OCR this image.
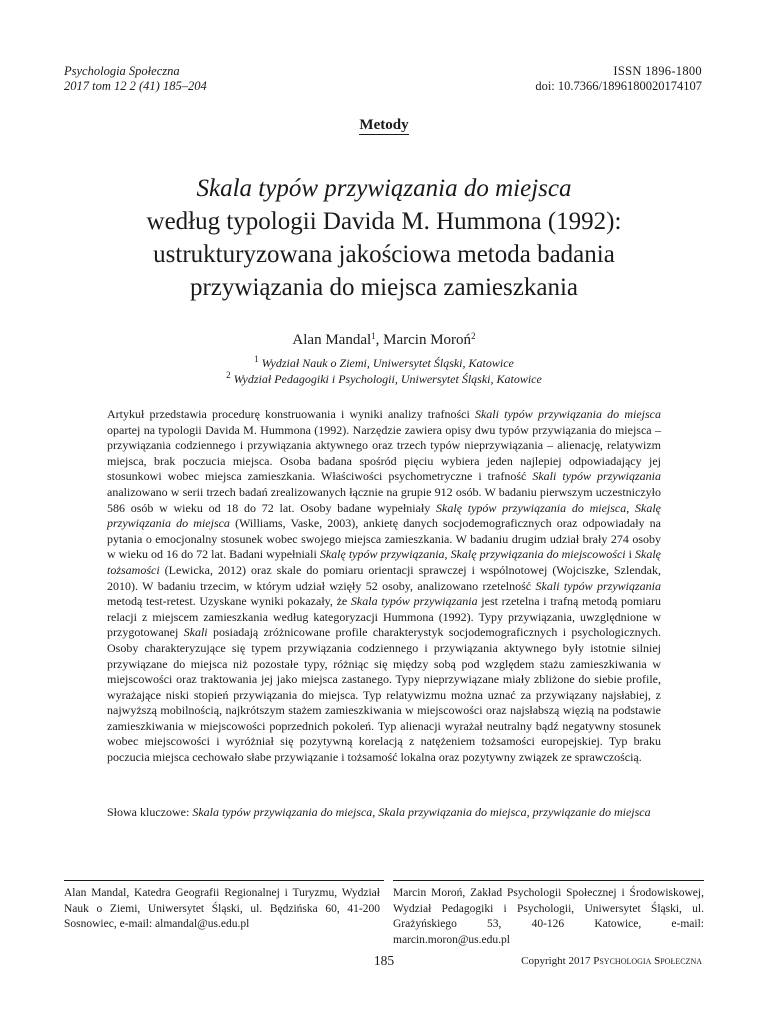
Psychologia Społeczna
2017 tom 12 2 (41) 185–204
ISSN 1896-1800
doi: 10.7366/1896180020174107
Metody
Skala typów przywiązania do miejsca
według typologii Davida M. Hummona (1992):
ustrukturyzowana jakościowa metoda badania
przywiązania do miejsca zamieszkania
Alan Mandal$^1$, Marcin Moroń$^2$
$^1$ Wydział Nauk o Ziemi, Uniwersytet Śląski, Katowice
$^2$ Wydział Pedagogiki i Psychologii, Uniwersytet Śląski, Katowice
Artykuł przedstawia procedurę konstruowania i wyniki analizy trafności Skali typów przywiązania do miejsca opartej na typologii Davida M. Hummona (1992). Narzędzie zawiera opisy dwu typów przywiązania do miejsca – przywiązania codziennego i przywiązania aktywnego oraz trzech typów nieprzywiązania – alienację, relatywizm miejsca, brak poczucia miejsca. Osoba badana spośród pięciu wybiera jeden najlepiej odpowiadający jej stosunkowi wobec miejsca zamieszkania. Właściwości psychometryczne i trafność Skali typów przywiązania analizowano w serii trzech badań zrealizowanych łącznie na grupie 912 osób. W badaniu pierwszym uczestniczyło 586 osób w wieku od 18 do 72 lat. Osoby badane wypełniały Skalę typów przywiązania do miejsca, Skalę przywiązania do miejsca (Williams, Vaske, 2003), ankietę danych socjodemograficznych oraz odpowiadały na pytania o emocjonalny stosunek wobec swojego miejsca zamieszkania. W badaniu drugim udział brały 274 osoby w wieku od 16 do 72 lat. Badani wypełniali Skalę typów przywiązania, Skalę przywiązania do miejscowości i Skalę tożsamości (Lewicka, 2012) oraz skale do pomiaru orientacji sprawczej i wspólnotowej (Wojciszke, Szlendak, 2010). W badaniu trzecim, w którym udział wzięły 52 osoby, analizowano rzetelność Skali typów przywiązania metodą test-retest. Uzyskane wyniki pokazały, że Skala typów przywiązania jest rzetelna i trafną metodą pomiaru relacji z miejscem zamieszkania według kategoryzacji Hummona (1992). Typy przywiązania, uwzględnione w przygotowanej Skali posiadają zróżnicowane profile charakterystyk socjodemograficznych i psychologicznych. Osoby charakteryzujące się typem przywiązania codziennego i przywiązania aktywnego były istotnie silniej przywiązane do miejsca niż pozostałe typy, różniąc się między sobą pod względem stażu zamieszkiwania w miejscowości oraz traktowania jej jako miejsca zastanego. Typy nieprzywiązane miały zbliżone do siebie profile, wyrażające niski stopień przywiązania do miejsca. Typ relatywizmu można uznać za przywiązany najsłabiej, z najwyższą mobilnością, najkrótszym stażem zamieszkiwania w miejscowości oraz najsłabszą więzią na podstawie zamieszkiwania w miejscowości poprzednich pokoleń. Typ alienacji wyrażał neutralny bądź negatywny stosunek wobec miejscowości i wyróżniał się pozytywną korelacją z natężeniem tożsamości europejskiej. Typ braku poczucia miejsca cechowało słabe przywiązanie i tożsamość lokalna oraz pozytywny związek ze sprawczością.
Słowa kluczowe: Skala typów przywiązania do miejsca, Skala przywiązania do miejsca, przywiązanie do miejsca
Alan Mandal, Katedra Geografii Regionalnej i Turyzmu, Wydział Nauk o Ziemi, Uniwersytet Śląski, ul. Będzińska 60, 41-200 Sosnowiec, e-mail: almandal@us.edu.pl
Marcin Moroń, Zakład Psychologii Społecznej i Środowiskowej, Wydział Pedagogiki i Psychologii, Uniwersytet Śląski, ul. Grażyńskiego 53, 40-126 Katowice, e-mail: marcin.moron@us.edu.pl
185	Copyright 2017 Psychologia Społeczna
